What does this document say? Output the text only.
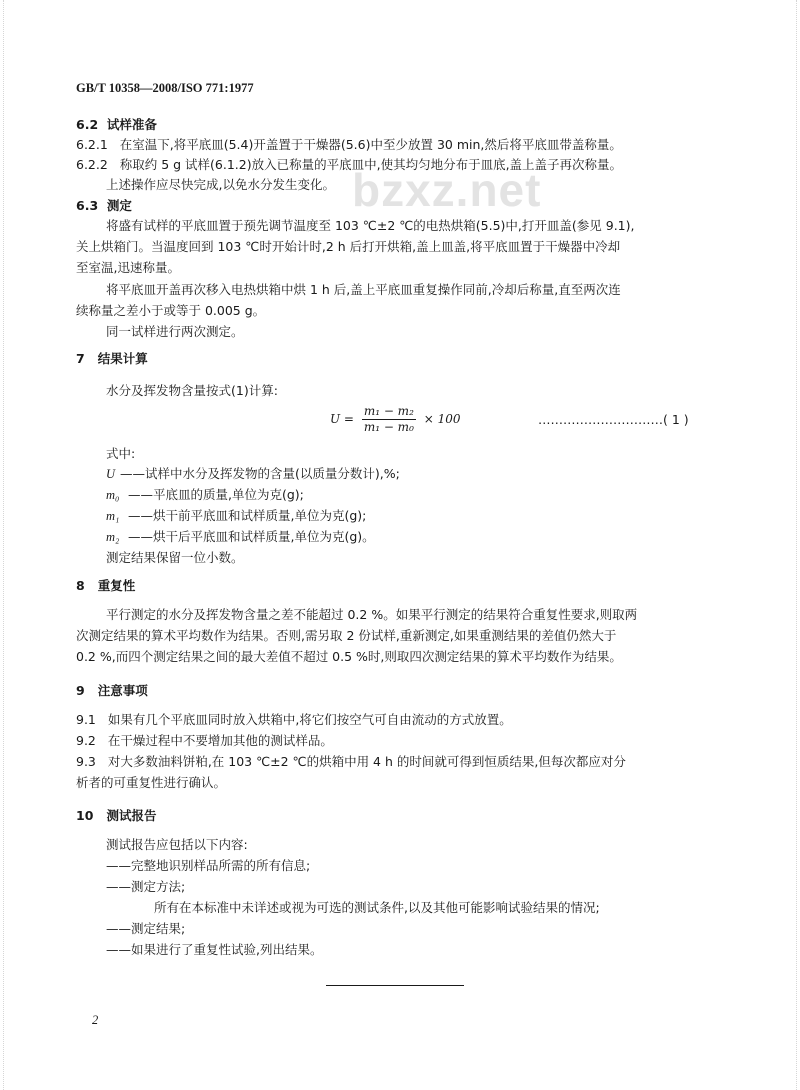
bzxz.net
GB/T 10358—2008/ISO 771:1977
6.2 试样准备
6.2.1 在室温下,将平底皿(5.4)开盖置于干燥器(5.6)中至少放置 30 min,然后将平底皿带盖称量。
6.2.2 称取约 5 g 试样(6.1.2)放入已称量的平底皿中,使其均匀地分布于皿底,盖上盖子再次称量。
上述操作应尽快完成,以免水分发生变化。
6.3 测定
将盛有试样的平底皿置于预先调节温度至 103 ℃±2 ℃的电热烘箱(5.5)中,打开皿盖(参见 9.1),
关上烘箱门。当温度回到 103 ℃时开始计时,2 h 后打开烘箱,盖上皿盖,将平底皿置于干燥器中冷却
至室温,迅速称量。
将平底皿开盖再次移入电热烘箱中烘 1 h 后,盖上平底皿重复操作同前,冷却后称量,直至两次连
续称量之差小于或等于 0.005 g。
同一试样进行两次测定。
7 结果计算
水分及挥发物含量按式(1)计算:
$U = \frac{\text{m₁ − m₂}}{\text{m₁ − m₀}} \times 100$	…………………………( 1 )
式中:
U ——试样中水分及挥发物的含量(以质量分数计),%;
m₀ ——平底皿的质量,单位为克(g);
m₁ ——烘干前平底皿和试样质量,单位为克(g);
m₂ ——烘干后平底皿和试样质量,单位为克(g)。
测定结果保留一位小数。
8 重复性
平行测定的水分及挥发物含量之差不能超过 0.2 %。如果平行测定的结果符合重复性要求,则取两
次测定结果的算术平均数作为结果。否则,需另取 2 份试样,重新测定,如果重测结果的差值仍然大于
0.2 %,而四个测定结果之间的最大差值不超过 0.5 %时,则取四次测定结果的算术平均数作为结果。
9 注意事项
9.1 如果有几个平底皿同时放入烘箱中,将它们按空气可自由流动的方式放置。
9.2 在干燥过程中不要增加其他的测试样品。
9.3 对大多数油料饼粕,在 103 ℃±2 ℃的烘箱中用 4 h 的时间就可得到恒质结果,但每次都应对分
析者的可重复性进行确认。
10 测试报告
测试报告应包括以下内容:
——完整地识别样品所需的所有信息;
——测定方法;
所有在本标准中未详述或视为可选的测试条件,以及其他可能影响试验结果的情况;
——测定结果;
——如果进行了重复性试验,列出结果。
2
